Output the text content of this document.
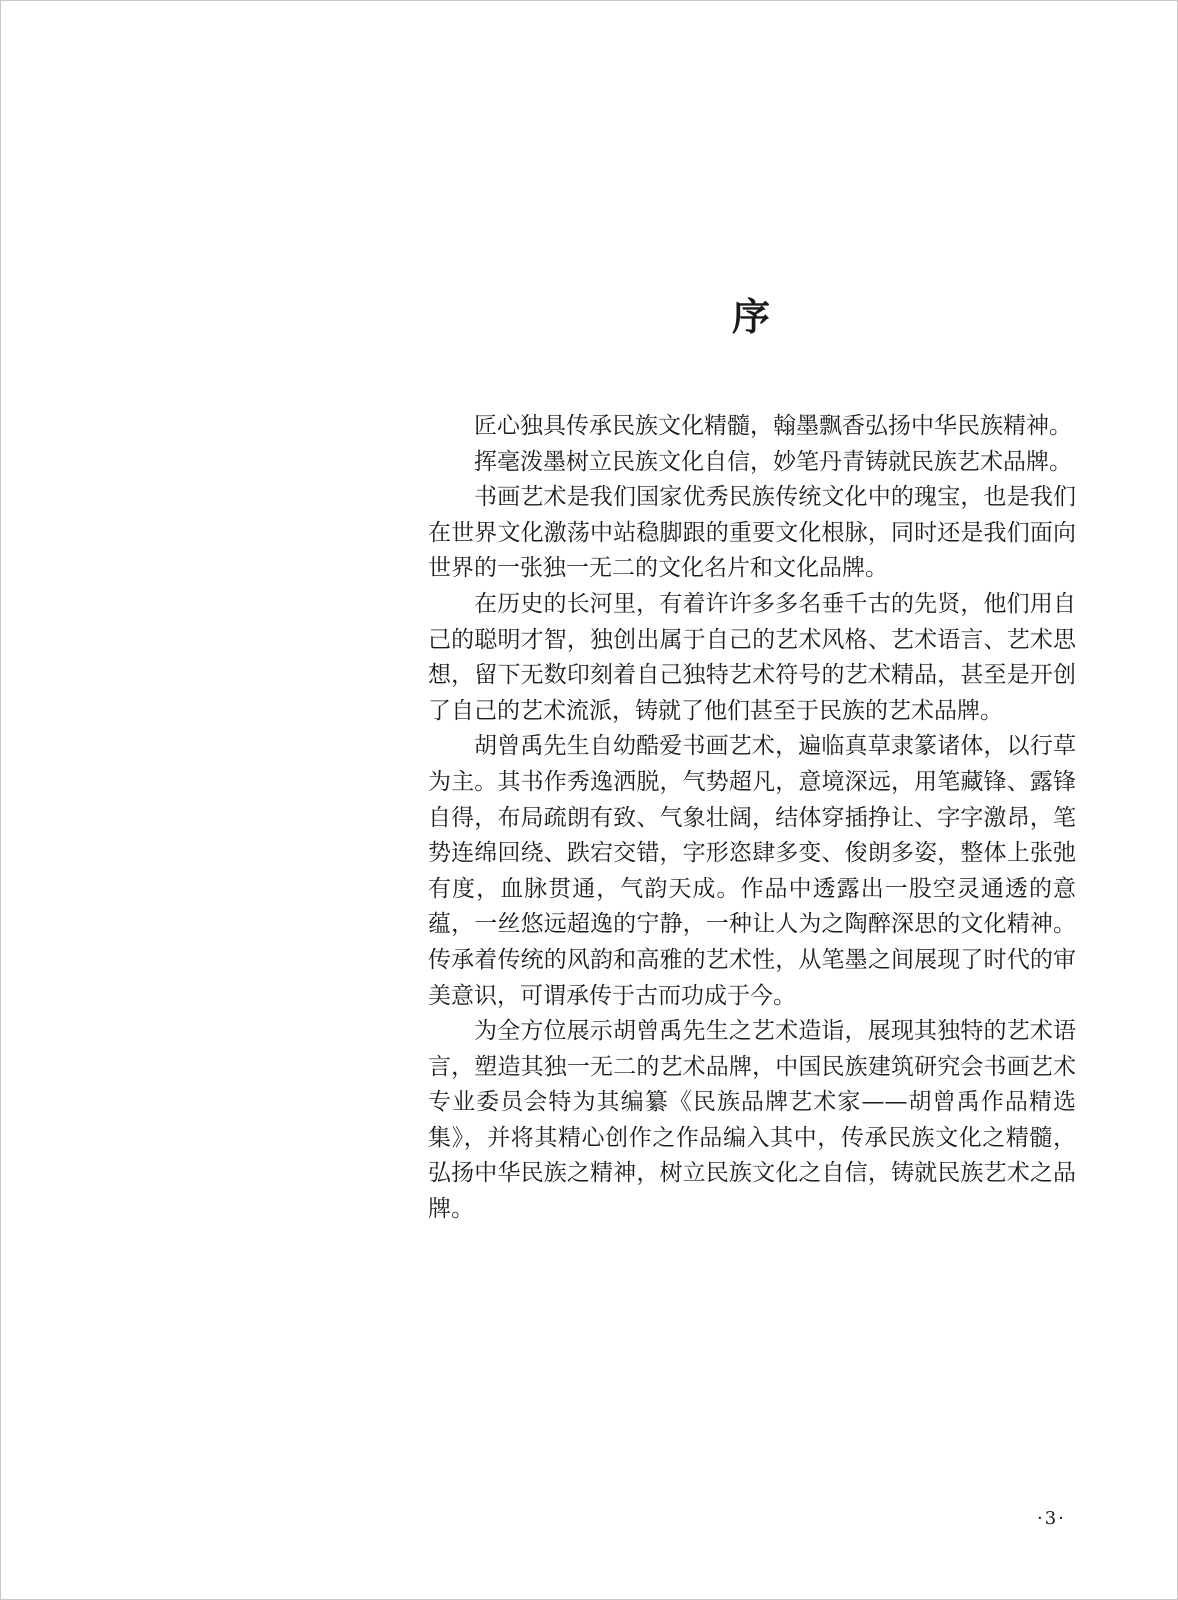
序

匠心独具传承民族文化精髓，翰墨飘香弘扬中华民族精神。

挥毫泼墨树立民族文化自信，妙笔丹青铸就民族艺术品牌。

书画艺术是我们国家优秀民族传统文化中的瑰宝，也是我们在世界文化激荡中站稳脚跟的重要文化根脉，同时还是我们面向世界的一张独一无二的文化名片和文化品牌。

在历史的长河里，有着许许多多名垂千古的先贤，他们用自己的聪明才智，独创出属于自己的艺术风格、艺术语言、艺术思想，留下无数印刻着自己独特艺术符号的艺术精品，甚至是开创了自己的艺术流派，铸就了他们甚至于民族的艺术品牌。

胡曾禹先生自幼酷爱书画艺术，遍临真草隶篆诸体，以行草为主。其书作秀逸洒脱，气势超凡，意境深远，用笔藏锋、露锋自得，布局疏朗有致、气象壮阔，结体穿插挣让、字字激昂，笔势连绵回绕、跌宕交错，字形恣肆多变、俊朗多姿，整体上张弛有度，血脉贯通，气韵天成。作品中透露出一股空灵通透的意蕴，一丝悠远超逸的宁静，一种让人为之陶醉深思的文化精神。传承着传统的风韵和高雅的艺术性，从笔墨之间展现了时代的审美意识，可谓承传于古而功成于今。

为全方位展示胡曾禹先生之艺术造诣，展现其独特的艺术语言，塑造其独一无二的艺术品牌，中国民族建筑研究会书画艺术专业委员会特为其编纂《民族品牌艺术家——胡曾禹作品精选集》，并将其精心创作之作品编入其中，传承民族文化之精髓，弘扬中华民族之精神，树立民族文化之自信，铸就民族艺术之品牌。

·3·
